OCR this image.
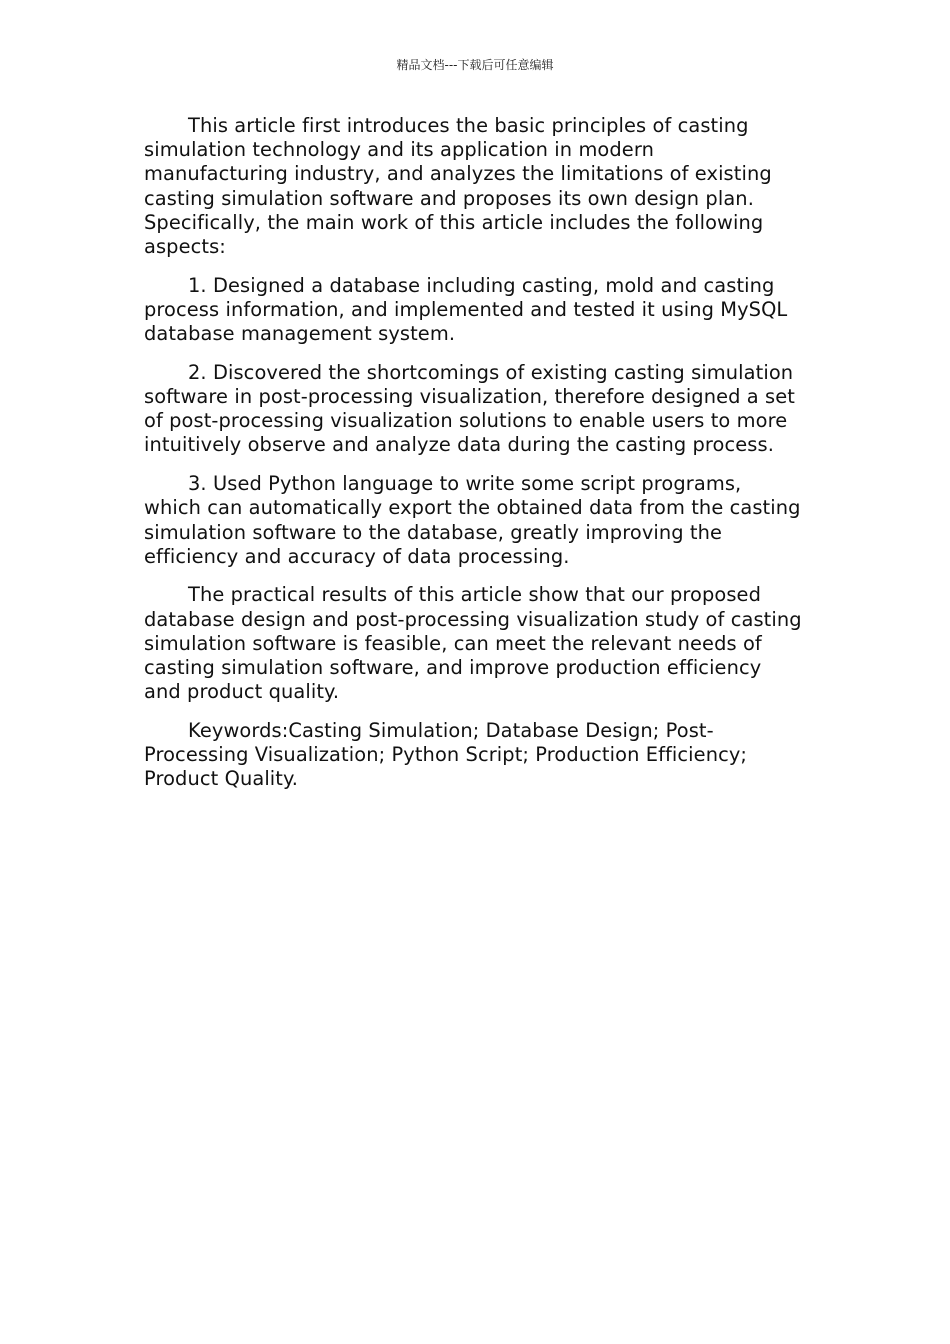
精品文档---下载后可任意编辑

This article first introduces the basic principles of casting simulation technology and its application in modern manufacturing industry, and analyzes the limitations of existing casting simulation software and proposes its own design plan. Specifically, the main work of this article includes the following aspects:

1. Designed a database including casting, mold and casting process information, and implemented and tested it using MySQL database management system.

2. Discovered the shortcomings of existing casting simulation software in post-processing visualization, therefore designed a set of post-processing visualization solutions to enable users to more intuitively observe and analyze data during the casting process.

3. Used Python language to write some script programs, which can automatically export the obtained data from the casting simulation software to the database, greatly improving the efficiency and accuracy of data processing.

The practical results of this article show that our proposed database design and post-processing visualization study of casting simulation software is feasible, can meet the relevant needs of casting simulation software, and improve production efficiency and product quality.

Keywords:Casting Simulation; Database Design; Post-Processing Visualization; Python Script; Production Efficiency; Product Quality.
